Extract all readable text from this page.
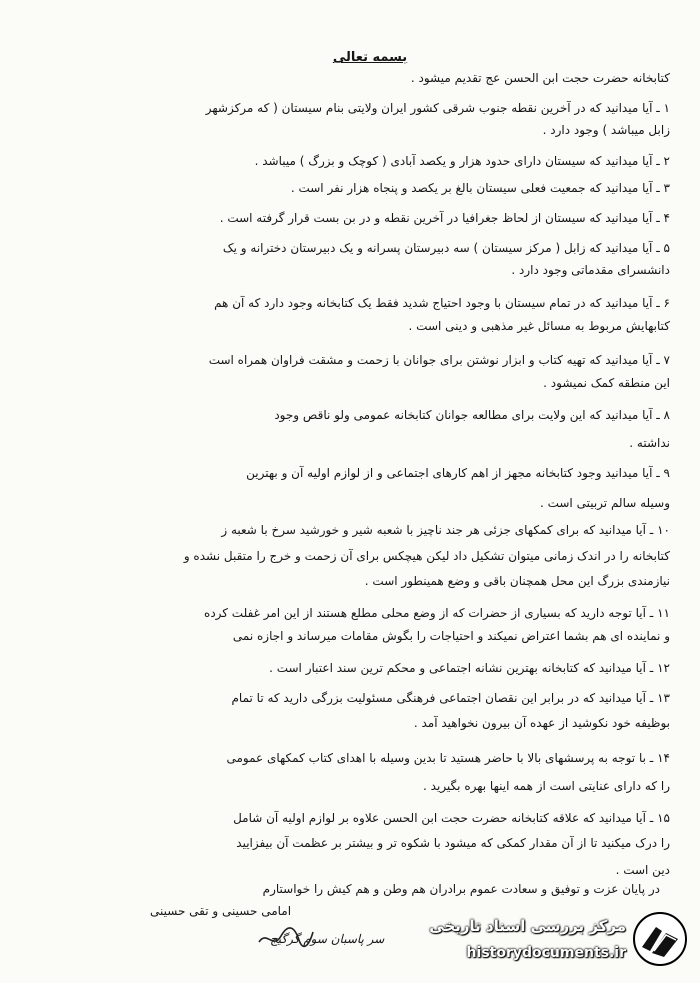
بسمه تعالی
کتابخانه حضرت حجت ابن الحسن عج تقدیم میشود .
۱ ـ آیا میدانید که در آخرین نقطه جنوب شرقی کشور ایران ولایتی بنام سیستان ( که مرکزشهر
زابل میباشد ) وجود دارد .
۲ ـ آیا میدانید که سیستان دارای حدود هزار و یکصد آبادی ( کوچک و بزرگ ) میباشد .
۳ ـ آیا میدانید که جمعیت فعلی سیستان بالغ بر یکصد و پنجاه هزار نفر است .
۴ ـ آیا میدانید که سیستان از لحاظ جغرافیا در آخرین نقطه و در بن بست قرار گرفته است .
۵ ـ آیا میدانید که زابل ( مرکز سیستان ) سه دبیرستان پسرانه و یک دبیرستان دخترانه و یک
دانشسرای مقدماتی وجود دارد .
۶ ـ آیا میدانید که در تمام سیستان با وجود احتیاج شدید فقط یک کتابخانه وجود دارد که آن هم
کتابهایش مربوط به مسائل غیر مذهبی و دینی است .
۷ ـ آیا میدانید که تهیه کتاب و ابزار نوشتن برای جوانان با زحمت و مشقت فراوان همراه است
این منطقه کمک نمیشود .
۸ ـ آیا میدانید که این ولایت برای مطالعه جوانان کتابخانه عمومی ولو ناقص وجود
نداشته .
۹ ـ آیا میدانید وجود کتابخانه مجهز از اهم کارهای اجتماعی و از لوازم اولیه آن و بهترین
وسیله سالم تربیتی است .
۱۰ ـ آیا میدانید که برای کمکهای جزئی هر جند ناچیز با شعبه شیر و خورشید سرخ با شعبه ز
کتابخانه را در اندک زمانی میتوان تشکیل داد لیکن هیچکس برای آن زحمت و خرج را متقبل نشده و
نیازمندی بزرگ این محل همچنان باقی و وضع همینطور است .
۱۱ ـ آیا توجه دارید که بسیاری از حضرات که از وضع محلی مطلع هستند از این امر غفلت کرده
و نماینده ای هم بشما اعتراض نمیکند و احتیاجات را بگوش مقامات میرساند و اجازه نمی
۱۲ ـ آیا میدانید که کتابخانه بهترین نشانه اجتماعی و محکم ترین سند اعتبار است .
۱۳ ـ آیا میدانید که در برابر این نقصان اجتماعی فرهنگی مسئولیت بزرگی دارید که تا تمام
بوظیفه خود نکوشید از عهده آن بیرون نخواهید آمد .
۱۴ ـ با توجه به پرسشهای بالا با حاضر هستید تا بدین وسیله با اهدای کتاب کمکهای عمومی
را که دارای عنایتی است از همه اینها بهره بگیرید .
۱۵ ـ آیا میدانید که علاقه کتابخانه حضرت حجت ابن الحسن علاوه بر لوازم اولیه آن شامل
را درک میکنید تا از آن مقدار کمکی که میشود با شکوه تر و بیشتر بر عظمت آن بیفزایید
دین است .
در پایان عزت و توفیق و سعادت عموم برادران هم وطن و هم کیش را خواستارم
امامی حسینی و تقی حسینی
سر پاسبان سوم گرگیج
مرکز بررسی اسناد تاریخی
historydocuments.ir
